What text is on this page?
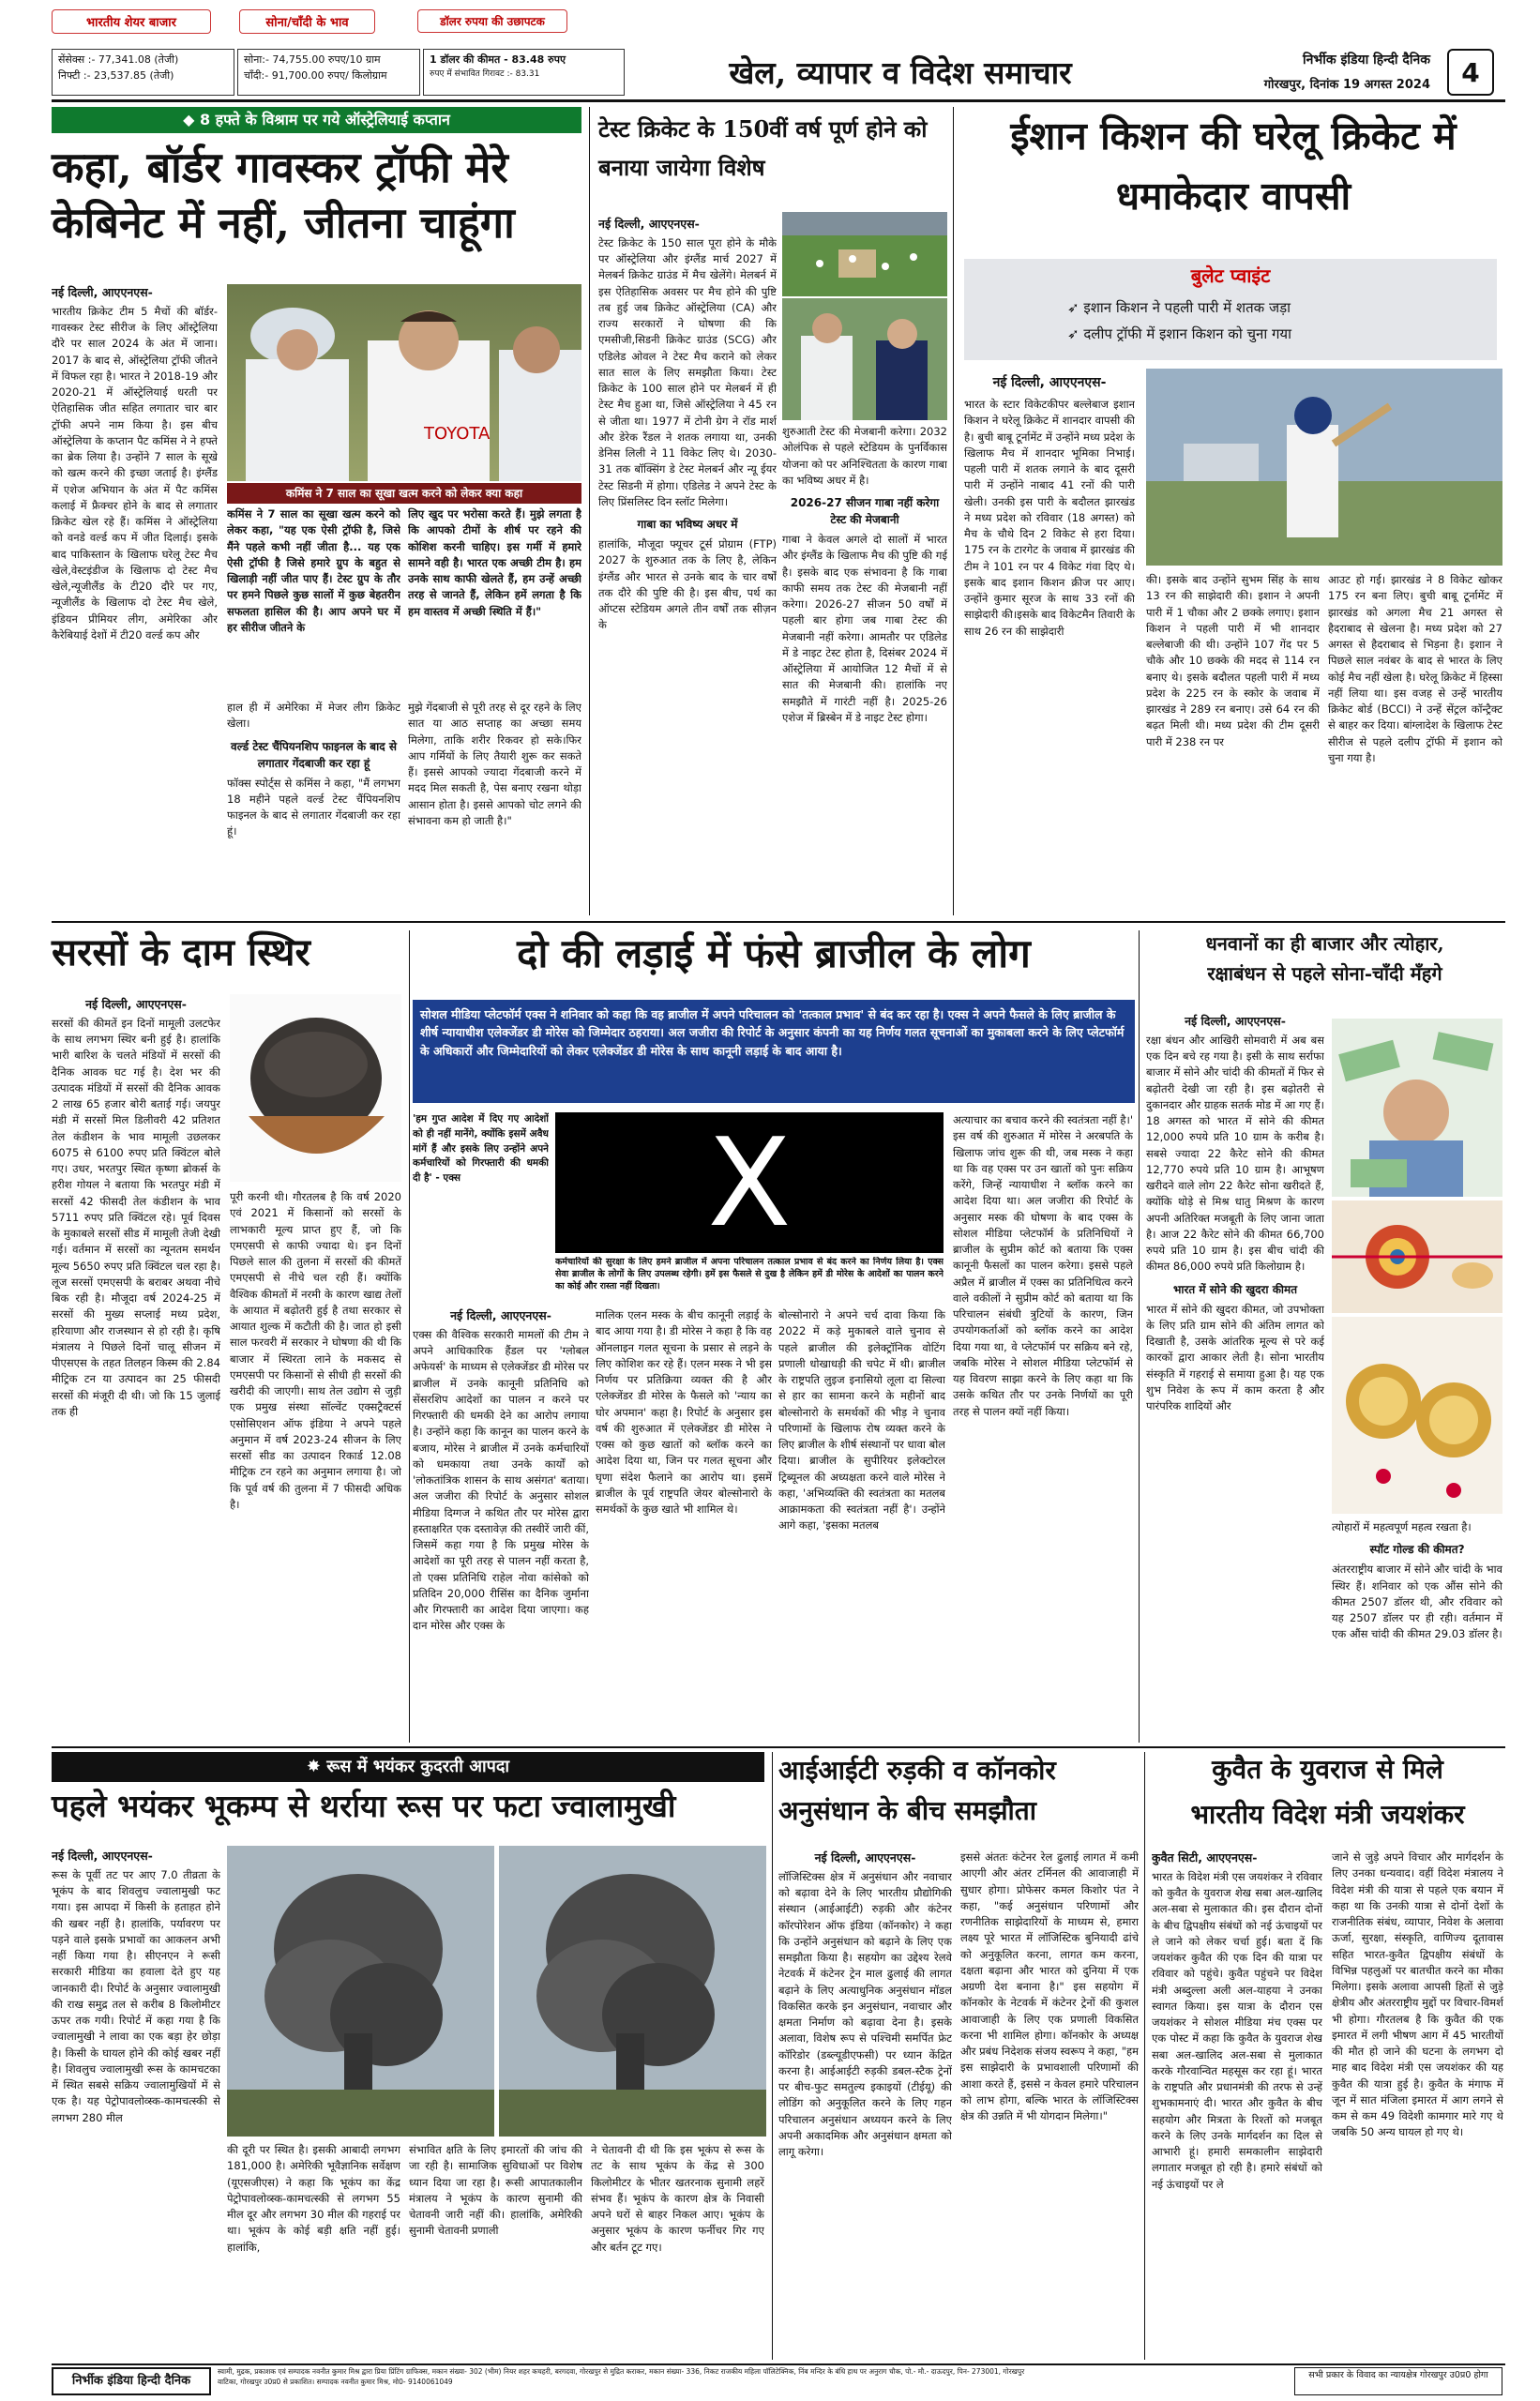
भारतीय शेयर बाजार	सोना/चाँदी के भाव	डॉलर रुपया की उछापटक
सेंसेक्स :- 77,341.08 (तेजी)
निफ्टी :- 23,537.85 (तेजी)
सोना:- 74,755.00 रुपए/10 ग्राम
चाँदी:- 91,700.00 रुपए/ किलोग्राम
1 डॉलर की कीमत - 83.48 रुपए
रुपए में संभावित गिरावट :- 83.31	खेल, व्यापार व विदेश समाचार	निर्भीक इंडिया हिन्दी दैनिक
गोरखपुर, दिनांक 19 अगस्त 2024	4
◆ 8 हफ्ते के विश्राम पर गये ऑस्ट्रेलियाई कप्तान
कहा, बॉर्डर गावस्कर ट्रॉफी मेरे केबिनेट में नहीं, जीतना चाहूंगा
नई दिल्ली, आएएनएस-
भारतीय क्रिकेट टीम 5 मैचों की बॉर्डर-गावस्कर टेस्ट सीरीज के लिए ऑस्ट्रेलिया दौरे पर साल 2024 के अंत में जाना। 2017 के बाद से, ऑस्ट्रेलिया ट्रॉफी जीतने में विफल रहा है। भारत ने 2018-19 और 2020-21 में ऑस्ट्रेलियाई धरती पर ऐतिहासिक जीत सहित लगातार चार बार ट्रॉफी अपने नाम किया है। इस बीच ऑस्ट्रेलिया के कप्तान पैट कमिंस ने ने हफ्ते का ब्रेक लिया है। उन्होंने 7 साल के सूखे को खत्म करने की इच्छा जताई है। इंग्लैंड में एशेज अभियान के अंत में पैट कमिंस कलाई में फ्रैक्चर होने के बाद से लगातार क्रिकेट खेल रहे हैं। कमिंस ने ऑस्ट्रेलिया को वनडे वर्ल्ड कप में जीत दिलाई। इसके बाद पाकिस्तान के खिलाफ घरेलू टेस्ट मैच खेले,वेस्टइंडीज के खिलाफ दो टेस्ट मैच खेले,न्यूजीलैंड के टी20 दौरे पर गए, न्यूजीलैंड के खिलाफ दो टेस्ट मैच खेले, इंडियन प्रीमियर लीग, अमेरिका और कैरेबियाई देशों में टी20 वर्ल्ड कप और
TOYOTA
कमिंस ने 7 साल का सूखा खत्म करने को लेकर क्या कहा
कमिंस ने 7 साल का सूखा खत्म करने को लेकर कहा, "यह एक ऐसी ट्रॉफी है, जिसे मैंने पहले कभी नहीं जीता है... यह एक ऐसी ट्रॉफी है जिसे हमारे ग्रुप के बहुत से खिलाड़ी नहीं जीत पाए हैं। टेस्ट ग्रुप के तौर पर हमने पिछले कुछ सालों में कुछ बेहतरीन सफलता हासिल की है। आप अपने घर में हर सीरीज जीतने के
लिए खुद पर भरोसा करते हैं। मुझे लगता है कि आपको टीमों के शीर्ष पर रहने की कोशिश करनी चाहिए। इस गर्मी में हमारे सामने वही है। भारत एक अच्छी टीम है। हम उनके साथ काफी खेलते हैं, हम उन्हें अच्छी तरह से जानते हैं, लेकिन हमें लगता है कि हम वास्तव में अच्छी स्थिति में हैं।"
हाल ही में अमेरिका में मेजर लीग क्रिकेट खेला।
वर्ल्ड टेस्ट चैंपियनशिप फाइनल के बाद से लगातार गेंदबाजी कर रहा हूं
फॉक्स स्पोर्ट्स से कमिंस ने कहा, "मैं लगभग 18 महीने पहले वर्ल्ड टेस्ट चैंपियनशिप फाइनल के बाद से लगातार गेंदबाजी कर रहा हूं।
मुझे गेंदबाजी से पूरी तरह से दूर रहने के लिए सात या आठ सप्ताह का अच्छा समय मिलेगा, ताकि शरीर रिकवर हो सके।फिर आप गर्मियों के लिए तैयारी शुरू कर सकते हैं। इससे आपको ज्यादा गेंदबाजी करने में मदद मिल सकती है, पेस बनाए रखना थोड़ा आसान होता है। इससे आपको चोट लगने की संभावना कम हो जाती है।"
टेस्ट क्रिकेट के 150वीं वर्ष पूर्ण होने को बनाया जायेगा विशेष
नई दिल्ली, आएएनएस-
टेस्ट क्रिकेट के 150 साल पूरा होने के मौके पर ऑस्ट्रेलिया और इंग्लैंड मार्च 2027 में मेलबर्न क्रिकेट ग्राउंड में मैच खेलेंगे। मेलबर्न में इस ऐतिहासिक अवसर पर मैच होने की पुष्टि तब हुई जब क्रिकेट ऑस्ट्रेलिया (CA) और राज्य सरकारों ने घोषणा की कि एमसीजी,सिडनी क्रिकेट ग्राउंड (SCG) और एडिलेड ओवल ने टेस्ट मैच कराने को लेकर सात साल के लिए समझौता किया। टेस्ट क्रिकेट के 100 साल होने पर मेलबर्न में ही टेस्ट मैच हुआ था, जिसे ऑस्ट्रेलिया ने 45 रन से जीता था। 1977 में टोनी ग्रेग ने रॉड मार्श और डेरेक रैंडल ने शतक लगाया था, उनकी डेनिस लिली ने 11 विकेट लिए थे। 2030-31 तक बॉक्सिंग डे टेस्ट मेलबर्न और न्यू ईयर टेस्ट सिडनी में होगा। एडिलेड ने अपने टेस्ट के लिए प्रिंसलिस्ट दिन स्लॉट मिलेगा।
गाबा का भविष्य अधर में
हालांकि, मौजूदा फ्यूचर टूर्स प्रोग्राम (FTP) 2027 के शुरुआत तक के लिए है, लेकिन इंग्लैंड और भारत से उनके बाद के चार वर्षों तक दौरे की पुष्टि की है। इस बीच, पर्थ का ऑप्टस स्टेडियम अगले तीन वर्षों तक सीज़न के
शुरुआती टेस्ट की मेजबानी करेगा। 2032 ओलंपिक से पहले स्टेडियम के पुनर्विकास योजना को पर अनिश्चितता के कारण गाबा का भविष्य अधर में है।
2026-27 सीजन गाबा नहीं करेगा टेस्ट की मेजबानी
गाबा ने केवल अगले दो सालों में भारत और इंग्लैंड के खिलाफ मैच की पुष्टि की गई है। इसके बाद एक संभावना है कि गाबा काफी समय तक टेस्ट की मेजबानी नहीं करेगा। 2026-27 सीजन 50 वर्षों में पहली बार होगा जब गाबा टेस्ट की मेजबानी नहीं करेगा। आमतौर पर एडिलेड में डे नाइट टेस्ट होता है, दिसंबर 2024 में ऑस्ट्रेलिया में आयोजित 12 मैचों में से सात की मेजबानी की। हालांकि नए समझौते में गारंटी नहीं है। 2025-26 एशेज में ब्रिस्बेन में डे नाइट टेस्ट होगा।
ईशान किशन की घरेलू क्रिकेट में धमाकेदार वापसी
बुलेट प्वाइंट
➶ इशान किशन ने पहली पारी में शतक जड़ा
➶ दलीप ट्रॉफी में इशान किशन को चुना गया
नई दिल्ली, आएएनएस-
भारत के स्टार विकेटकीपर बल्लेबाज इशान किशन ने घरेलू क्रिकेट में शानदार वापसी की है। बुची बाबू टूर्नामेंट में उन्होंने मध्य प्रदेश के खिलाफ मैच में शानदार भूमिका निभाई। पहली पारी में शतक लगाने के बाद दूसरी पारी में उन्होंने नाबाद 41 रनों की पारी खेली। उनकी इस पारी के बदौलत झारखंड ने मध्य प्रदेश को रविवार (18 अगस्त) को मैच के चौथे दिन 2 विकेट से हरा दिया। 175 रन के टारगेट के जवाब में झारखंड की टीम ने 101 रन पर 4 विकेट गंवा दिए थे। इसके बाद इशान किशन क्रीज पर आए। उन्होंने कुमार सूरज के साथ 33 रनों की साझेदारी की।इसके बाद विकेटमैन तिवारी के साथ 26 रन की साझेदारी
की। इसके बाद उन्होंने सुभम सिंह के साथ 13 रन की साझेदारी की। इशान ने अपनी पारी में 1 चौका और 2 छक्के लगाए। इशान किशन ने पहली पारी में भी शानदार बल्लेबाजी की थी। उन्होंने 107 गेंद पर 5 चौके और 10 छक्के की मदद से 114 रन बनाए थे। इसके बदौलत पहली पारी में मध्य प्रदेश के 225 रन के स्कोर के जवाब में झारखंड ने 289 रन बनाए। उसे 64 रन की बढ़त मिली थी। मध्य प्रदेश की टीम दूसरी पारी में 238 रन पर
आउट हो गई। झारखंड ने 8 विकेट खोकर 175 रन बना लिए। बुची बाबू टूर्नामेंट में झारखंड को अगला मैच 21 अगस्त से हैदराबाद से खेलना है। मध्य प्रदेश को 27 अगस्त से हैदराबाद से भिड़ना है। इशान ने पिछले साल नवंबर के बाद से भारत के लिए कोई मैच नहीं खेला है। घरेलू क्रिकेट में हिस्सा नहीं लिया था। इस वजह से उन्हें भारतीय क्रिकेट बोर्ड (BCCI) ने उन्हें सेंट्रल कॉन्ट्रैक्ट से बाहर कर दिया। बांग्लादेश के खिलाफ टेस्ट सीरीज से पहले दलीप ट्रॉफी में इशान को चुना गया है।
सरसों के दाम स्थिर
नई दिल्ली, आएएनएस-
सरसों की कीमतें इन दिनों मामूली उलटफेर के साथ लगभग स्थिर बनी हुई है। हालांकि भारी बारिश के चलते मंडियों में सरसों की दैनिक आवक घट गई है। देश भर की उत्पादक मंडियों में सरसों की दैनिक आवक 2 लाख 65 हजार बोरी बताई गई। जयपुर मंडी में सरसों मिल डिलीवरी 42 प्रतिशत तेल कंडीशन के भाव मामूली उछलकर 6075 से 6100 रुपए प्रति क्विंटल बोले गए। उधर, भरतपुर स्थित कृष्णा ब्रोकर्स के हरीश गोयल ने बताया कि भरतपुर मंडी में सरसों 42 फीसदी तेल कंडीशन के भाव 5711 रुपए प्रति क्विंटल रहे। पूर्व दिवस के मुकाबले सरसों सीड में मामूली तेजी देखी गई। वर्तमान में सरसों का न्यूनतम समर्थन मूल्य 5650 रुपए प्रति क्विंटल चल रहा है। लूज सरसों एमएसपी के बराबर अथवा नीचे बिक रही है। मौजूदा वर्ष 2024-25 में सरसों की मुख्य सप्लाई मध्य प्रदेश, हरियाणा और राजस्थान से हो रही है। कृषि मंत्रालय ने पिछले दिनों चालू सीजन में पीएसएस के तहत तिलहन किस्म की 2.84 मीट्रिक टन या उत्पादन का 25 फीसदी सरसों की मंजूरी दी थी। जो कि 15 जुलाई तक ही
पूरी करनी थी। गौरतलब है कि वर्ष 2020 एवं 2021 में किसानों को सरसों के लाभकारी मूल्य प्राप्त हुए हैं, जो कि एमएसपी से काफी ज्यादा थे। इन दिनों पिछले साल की तुलना में सरसों की कीमतें एमएसपी से नीचे चल रही हैं। क्योंकि वैश्विक कीमतों में नरमी के कारण खाद्य तेलों के आयात में बढ़ोतरी हुई है तथा सरकार से आयात शुल्क में कटौती की है। जात हो इसी साल फरवरी में सरकार ने घोषणा की थी कि बाजार में स्थिरता लाने के मकसद से एमएसपी पर किसानों से सीधी ही सरसों की खरीदी की जाएगी। साथ तेल उद्योग से जुड़ी एक प्रमुख संस्था सॉल्वेंट एक्सट्रैक्टर्स एसोसिएशन ऑफ इंडिया ने अपने पहले अनुमान में वर्ष 2023-24 सीजन के लिए सरसों सीड का उत्पादन रिकार्ड 12.08 मीट्रिक टन रहने का अनुमान लगाया है। जो कि पूर्व वर्ष की तुलना में 7 फीसदी अधिक है।
दो की लड़ाई में फंसे ब्राजील के लोग
सोशल मीडिया प्लेटफॉर्म एक्स ने शनिवार को कहा कि वह ब्राजील में अपने परिचालन को 'तत्काल प्रभाव' से बंद कर रहा है। एक्स ने अपने फैसले के लिए ब्राजील के शीर्ष न्यायाधीश एलेक्जेंडर डी मोरेस को जिम्मेदार ठहराया। अल जजीरा की रिपोर्ट के अनुसार कंपनी का यह निर्णय गलत सूचनाओं का मुकाबला करने के लिए प्लेटफॉर्म के अधिकारों और जिम्मेदारियों को लेकर एलेक्जेंडर डी मोरेस के साथ कानूनी लड़ाई के बाद आया है।
'हम गुप्त आदेश में दिए गए आदेशों को ही नहीं मानेंगे, क्योंकि इसमें अवैध मांगें हैं और इसके लिए उन्होंने अपने कर्मचारियों को गिरफ्तारी की धमकी दी है' - एक्स	X
कर्मचारियों की सुरक्षा के लिए हमने ब्राजील में अपना परिचालन तत्काल प्रभाव से बंद करने का निर्णय लिया है। एक्स सेवा ब्राजील के लोगों के लिए उपलब्ध रहेगी। हमें इस फैसले से दुख है लेकिन हमें डी मोरेस के आदेशों का पालन करने का कोई और रास्ता नहीं दिखता।
नई दिल्ली, आएएनएस-
एक्स की वैश्विक सरकारी मामलों की टीम ने अपने आधिकारिक हैंडल पर 'ग्लोबल अफेयर्स' के माध्यम से एलेक्जेंडर डी मोरेस पर ब्राजील में उनके कानूनी प्रतिनिधि को सेंसरशिप आदेशों का पालन न करने पर गिरफ्तारी की धमकी देने का आरोप लगाया है। उन्होंने कहा कि कानून का पालन करने के बजाय, मोरेस ने ब्राजील में उनके कर्मचारियों को धमकाया तथा उनके कार्यों को 'लोकतांत्रिक शासन के साथ असंगत' बताया। अल जजीरा की रिपोर्ट के अनुसार सोशल मीडिया दिग्गज ने कथित तौर पर मोरेस द्वारा हस्ताक्षरित एक दस्तावेज़ की तस्वीरें जारी कीं, जिसमें कहा गया है कि प्रमुख मोरेस के आदेशों का पूरी तरह से पालन नहीं करता है, तो एक्स प्रतिनिधि राहेल नोवा कांसेको को प्रतिदिन 20,000 रीसिंस का दैनिक जुर्माना और गिरफ्तारी का आदेश दिया जाएगा। कह दान मोरेस और एक्स के
मालिक एलन मस्क के बीच कानूनी लड़ाई के बाद आया गया है। डी मोरेस ने कहा है कि वह ऑनलाइन गलत सूचना के प्रसार से लड़ने के लिए कोशिश कर रहे हैं। एलन मस्क ने भी इस निर्णय पर प्रतिक्रिया व्यक्त की है और एलेक्जेंडर डी मोरेस के फैसले को 'न्याय का घोर अपमान' कहा है। रिपोर्ट के अनुसार इस वर्ष की शुरुआत में एलेक्जेंडर डी मोरेस ने एक्स को कुछ खातों को ब्लॉक करने का आदेश दिया था, जिन पर गलत सूचना और घृणा संदेश फैलाने का आरोप था। इसमें ब्राजील के पूर्व राष्ट्रपति जेयर बोल्सोनारो के समर्थकों के कुछ खाते भी शामिल थे।
बोल्सोनारो ने अपने चर्च दावा किया कि 2022 में कड़े मुकाबले वाले चुनाव से पहले ब्राजील की इलेक्ट्रॉनिक वोटिंग प्रणाली धोखाधड़ी की चपेट में थी। ब्राजील के राष्ट्रपति लुइज इनासियो लूला दा सिल्वा से हार का सामना करने के महीनों बाद बोल्सोनारो के समर्थकों की भीड़ ने चुनाव परिणामों के खिलाफ रोष व्यक्त करने के लिए ब्राजील के शीर्ष संस्थानों पर धावा बोल दिया। ब्राजील के सुपीरियर इलेक्टोरल ट्रिब्यूनल की अध्यक्षता करने वाले मोरेस ने कहा, 'अभिव्यक्ति की स्वतंत्रता का मतलब आक्रामकता की स्वतंत्रता नहीं है'। उन्होंने आगे कहा, 'इसका मतलब
अत्याचार का बचाव करने की स्वतंत्रता नहीं है।' इस वर्ष की शुरुआत में मोरेस ने अरबपति के खिलाफ जांच शुरू की थी, जब मस्क ने कहा था कि वह एक्स पर उन खातों को पुनः सक्रिय करेंगे, जिन्हें न्यायाधीश ने ब्लॉक करने का आदेश दिया था। अल जजीरा की रिपोर्ट के अनुसार मस्क की घोषणा के बाद एक्स के सोशल मीडिया प्लेटफॉर्म के प्रतिनिधियों ने ब्राजील के सुप्रीम कोर्ट को बताया कि एक्स कानूनी फैसलों का पालन करेगा। इससे पहले अप्रैल में ब्राजील में एक्स का प्रतिनिधित्व करने वाले वकीलों ने सुप्रीम कोर्ट को बताया था कि परिचालन संबंधी त्रुटियों के कारण, जिन उपयोगकर्ताओं को ब्लॉक करने का आदेश दिया गया था, वे प्लेटफॉर्म पर सक्रिय बने रहे, जबकि मोरेस ने सोशल मीडिया प्लेटफॉर्म से यह विवरण साझा करने के लिए कहा था कि उसके कथित तौर पर उनके निर्णयों का पूरी तरह से पालन क्यों नहीं किया।
धनवानों का ही बाजार और त्योहार,
रक्षाबंधन से पहले सोना-चाँदी मँहगे
नई दिल्ली, आएएनएस-
रक्षा बंधन और आखिरी सोमवारी में अब बस एक दिन बचे रह गया है। इसी के साथ सर्राफा बाजार में सोने और चांदी की कीमतों में फिर से बढ़ोतरी देखी जा रही है। इस बढ़ोतरी से दुकानदार और ग्राहक सतर्क मोड में आ गए हैं। 18 अगस्त को भारत में सोने की कीमत 12,000 रुपये प्रति 10 ग्राम के करीब है। सबसे ज्यादा 22 कैरेट सोने की कीमत 12,770 रुपये प्रति 10 ग्राम है। आभूषण खरीदने वाले लोग 22 कैरेट सोना खरीदते हैं, क्योंकि थोड़े से मिश्र धातु मिश्रण के कारण अपनी अतिरिक्त मजबूती के लिए जाना जाता है। आज 22 कैरेट सोने की कीमत 66,700 रुपये प्रति 10 ग्राम है। इस बीच चांदी की कीमत 86,000 रुपये प्रति किलोग्राम है।
भारत में सोने की खुदरा कीमत
भारत में सोने की खुदरा कीमत, जो उपभोक्ता के लिए प्रति ग्राम सोने की अंतिम लागत को दिखाती है, उसके आंतरिक मूल्य से परे कई कारकों द्वारा आकार लेती है। सोना भारतीय संस्कृति में गहराई से समाया हुआ है। यह एक शुभ निवेश के रूप में काम करता है और पारंपरिक शादियों और
त्योहारों में महत्वपूर्ण महत्व रखता है।
स्पॉट गोल्ड की कीमत?
अंतरराष्ट्रीय बाजार में सोने और चांदी के भाव स्थिर हैं। शनिवार को एक औंस सोने की कीमत 2507 डॉलर थी, और रविवार को यह 2507 डॉलर पर ही रही। वर्तमान में एक औंस चांदी की कीमत 29.03 डॉलर है।
✸ रूस में भयंकर कुदरती आपदा
पहले भयंकर भूकम्प से थर्राया रूस पर फटा ज्वालामुखी
नई दिल्ली, आएएनएस-
रूस के पूर्वी तट पर आए 7.0 तीव्रता के भूकंप के बाद शिवलुच ज्वालामुखी फट गया। इस आपदा में किसी के हताहत होने की खबर नहीं है। हालांकि, पर्यावरण पर पड़ने वाले इसके प्रभावों का आकलन अभी नहीं किया गया है। सीएनएन ने रूसी सरकारी मीडिया का हवाला देते हुए यह जानकारी दी। रिपोर्ट के अनुसार ज्वालामुखी की राख समुद्र तल से करीब 8 किलोमीटर ऊपर तक गयी। रिपोर्ट में कहा गया है कि ज्वालामुखी ने लावा का एक बड़ा हेर छोड़ा है। किसी के घायल होने की कोई खबर नहीं है। शिवलुच ज्वालामुखी रूस के कामचटका में स्थित सबसे सक्रिय ज्वालामुखियों में से एक है। यह पेट्रोपावलोव्स्क-कामचत्स्की से लगभग 280 मील
की दूरी पर स्थित है। इसकी आबादी लगभग 181,000 है। अमेरिकी भूवैज्ञानिक सर्वेक्षण (यूएसजीएस) ने कहा कि भूकंप का केंद्र पेट्रोपावलोव्स्क-कामचत्स्की से लगभग 55 मील दूर और लगभग 30 मील की गहराई पर था। भूकंप के कोई बड़ी क्षति नहीं हुई। हालांकि,
संभावित क्षति के लिए इमारतों की जांच की जा रही है। सामाजिक सुविधाओं पर विशेष ध्यान दिया जा रहा है। रूसी आपातकालीन मंत्रालय ने भूकंप के कारण सुनामी की चेतावनी जारी नहीं की। हालांकि, अमेरिकी सुनामी चेतावनी प्रणाली
ने चेतावनी दी थी कि इस भूकंप से रूस के तट के साथ भूकंप के केंद्र से 300 किलोमीटर के भीतर खतरनाक सुनामी लहरें संभव हैं। भूकंप के कारण क्षेत्र के निवासी अपने घरों से बाहर निकल आए। भूकंप के अनुसार भूकंप के कारण फर्नीचर गिर गए और बर्तन टूट गए।
आईआईटी रुड़की व कॉनकोर अनुसंधान के बीच समझौता
नई दिल्ली, आएएनएस-
लॉजिस्टिक्स क्षेत्र में अनुसंधान और नवाचार को बढ़ावा देने के लिए भारतीय प्रौद्योगिकी संस्थान (आईआईटी) रुड़की और कंटेनर कॉरपोरेशन ऑफ इंडिया (कॉनकोर) ने कहा कि उन्होंने अनुसंधान को बढ़ाने के लिए एक समझौता किया है। सहयोग का उद्देश्य रेलवे नेटवर्क में कंटेनर ट्रेन माल ढुलाई की लागत बढ़ाने के लिए अत्याधुनिक अनुसंधान मॉडल विकसित करके इन अनुसंधान, नवाचार और क्षमता निर्माण को बढ़ावा देना है। इसके अलावा, विशेष रूप से पश्चिमी समर्पित फ्रेट कॉरिडोर (डब्ल्यूडीएफसी) पर ध्यान केंद्रित करना है। आईआईटी रुड़की डबल-स्टैक ट्रेनों पर बीच-फुट समतुल्य इकाइयों (टीईयू) की लोडिंग को अनुकूलित करने के लिए गहन परिचालन अनुसंधान अध्ययन करने के लिए अपनी अकादमिक और अनुसंधान क्षमता को लागू करेगा।
इससे अंततः कंटेनर रेल ढुलाई लागत में कमी आएगी और अंतर टर्मिनल की आवाजाही में सुधार होगा। प्रोफेसर कमल किशोर पंत ने कहा, "कई अनुसंधान परिणामों और रणनीतिक साझेदारियों के माध्यम से, हमारा लक्ष्य पूरे भारत में लॉजिस्टिक बुनियादी ढांचे को अनुकूलित करना, लागत कम करना, दक्षता बढ़ाना और भारत को दुनिया में एक अग्रणी देश बनाना है।" इस सहयोग में कॉनकोर के नेटवर्क में कंटेनर ट्रेनों की कुशल आवाजाही के लिए एक प्रणाली विकसित करना भी शामिल होगा। कॉनकोर के अध्यक्ष और प्रबंध निदेशक संजय स्वरूप ने कहा, "हम इस साझेदारी के प्रभावशाली परिणामों की आशा करते हैं, इससे न केवल हमारे परिचालन को लाभ होगा, बल्कि भारत के लॉजिस्टिक्स क्षेत्र की उन्नति में भी योगदान मिलेगा।"
कुवैत के युवराज से मिले
भारतीय विदेश मंत्री जयशंकर
कुवैत सिटी, आएएनएस-
भारत के विदेश मंत्री एस जयशंकर ने रविवार को कुवैत के युवराज शेख सबा अल-खालिद अल-सबा से मुलाकात की। इस दौरान दोनों के बीच द्विपक्षीय संबंधों को नई ऊंचाइयों पर ले जाने को लेकर चर्चा हुई। बता दें कि जयशंकर कुवैत की एक दिन की यात्रा पर रविवार को पहुंचे। कुवैत पहुंचने पर विदेश मंत्री अब्दुल्ला अली अल-याहया ने उनका स्वागत किया। इस यात्रा के दौरान एस जयशंकर ने सोशल मीडिया मंच एक्स पर एक पोस्ट में कहा कि कुवैत के युवराज शेख सबा अल-खालिद अल-सबा से मुलाकात करके गौरवान्वित महसूस कर रहा हूं। भारत के राष्ट्रपति और प्रधानमंत्री की तरफ से उन्हें शुभकामनाएं दी। भारत और कुवैत के बीच सहयोग और मित्रता के रिश्तों को मजबूत करने के लिए उनके मार्गदर्शन का दिल से आभारी हूं। हमारी समकालीन साझेदारी लगातार मजबूत हो रही है। हमारे संबंधों को नई ऊंचाइयों पर ले
जाने से जुड़े अपने विचार और मार्गदर्शन के लिए उनका धन्यवाद। वहीं विदेश मंत्रालय ने विदेश मंत्री की यात्रा से पहले एक बयान में कहा था कि उनकी यात्रा से दोनों देशों के राजनीतिक संबंध, व्यापार, निवेश के अलावा ऊर्जा, सुरक्षा, संस्कृति, वाणिज्य दूतावास सहित भारत-कुवैत द्विपक्षीय संबंधों के विभिन्न पहलुओं पर बातचीत करने का मौका मिलेगा। इसके अलावा आपसी हितों से जुड़े क्षेत्रीय और अंतरराष्ट्रीय मुद्दों पर विचार-विमर्श भी होगा। गौरतलब है कि कुवैत की एक इमारत में लगी भीषण आग में 45 भारतीयों की मौत हो जाने की घटना के लगभग दो माह बाद विदेश मंत्री एस जयशंकर की यह कुवैत की यात्रा हुई है। कुवैत के मंगाफ में जून में सात मंजिला इमारत में आग लगने से कम से कम 49 विदेशी कामगार मारे गए थे जबकि 50 अन्य घायल हो गए थे।
निर्भीक इंडिया हिन्दी दैनिक
स्वामी, मुद्रक, प्रकाशक एवं सम्पादक नवनीत कुमार मिश्र द्वारा प्रिया प्रिंटिंग ग्राफिक्स, मकान संख्या- 302 (भीम) नियर शहर कचहरी, बरगदवा, गोरखपुर से मुद्रित कराकर, मकान संख्या- 336, निकट राजकीय महिला पॉलिटेक्निक, निंब मन्दिर के बंधि हाथ पर अनुराग चौक, पो.- मौ.- दाऊदपुर, पिन- 273001, गोरखपुर
वाटिका, गोरखपुर उ0प्र0 से प्रकाशित। सम्पादक नवनीत कुमार मिश्र, मो0- 9140061049
सभी प्रकार के विवाद का न्यायक्षेत्र गोरखपुर उ0प्र0 होगा
